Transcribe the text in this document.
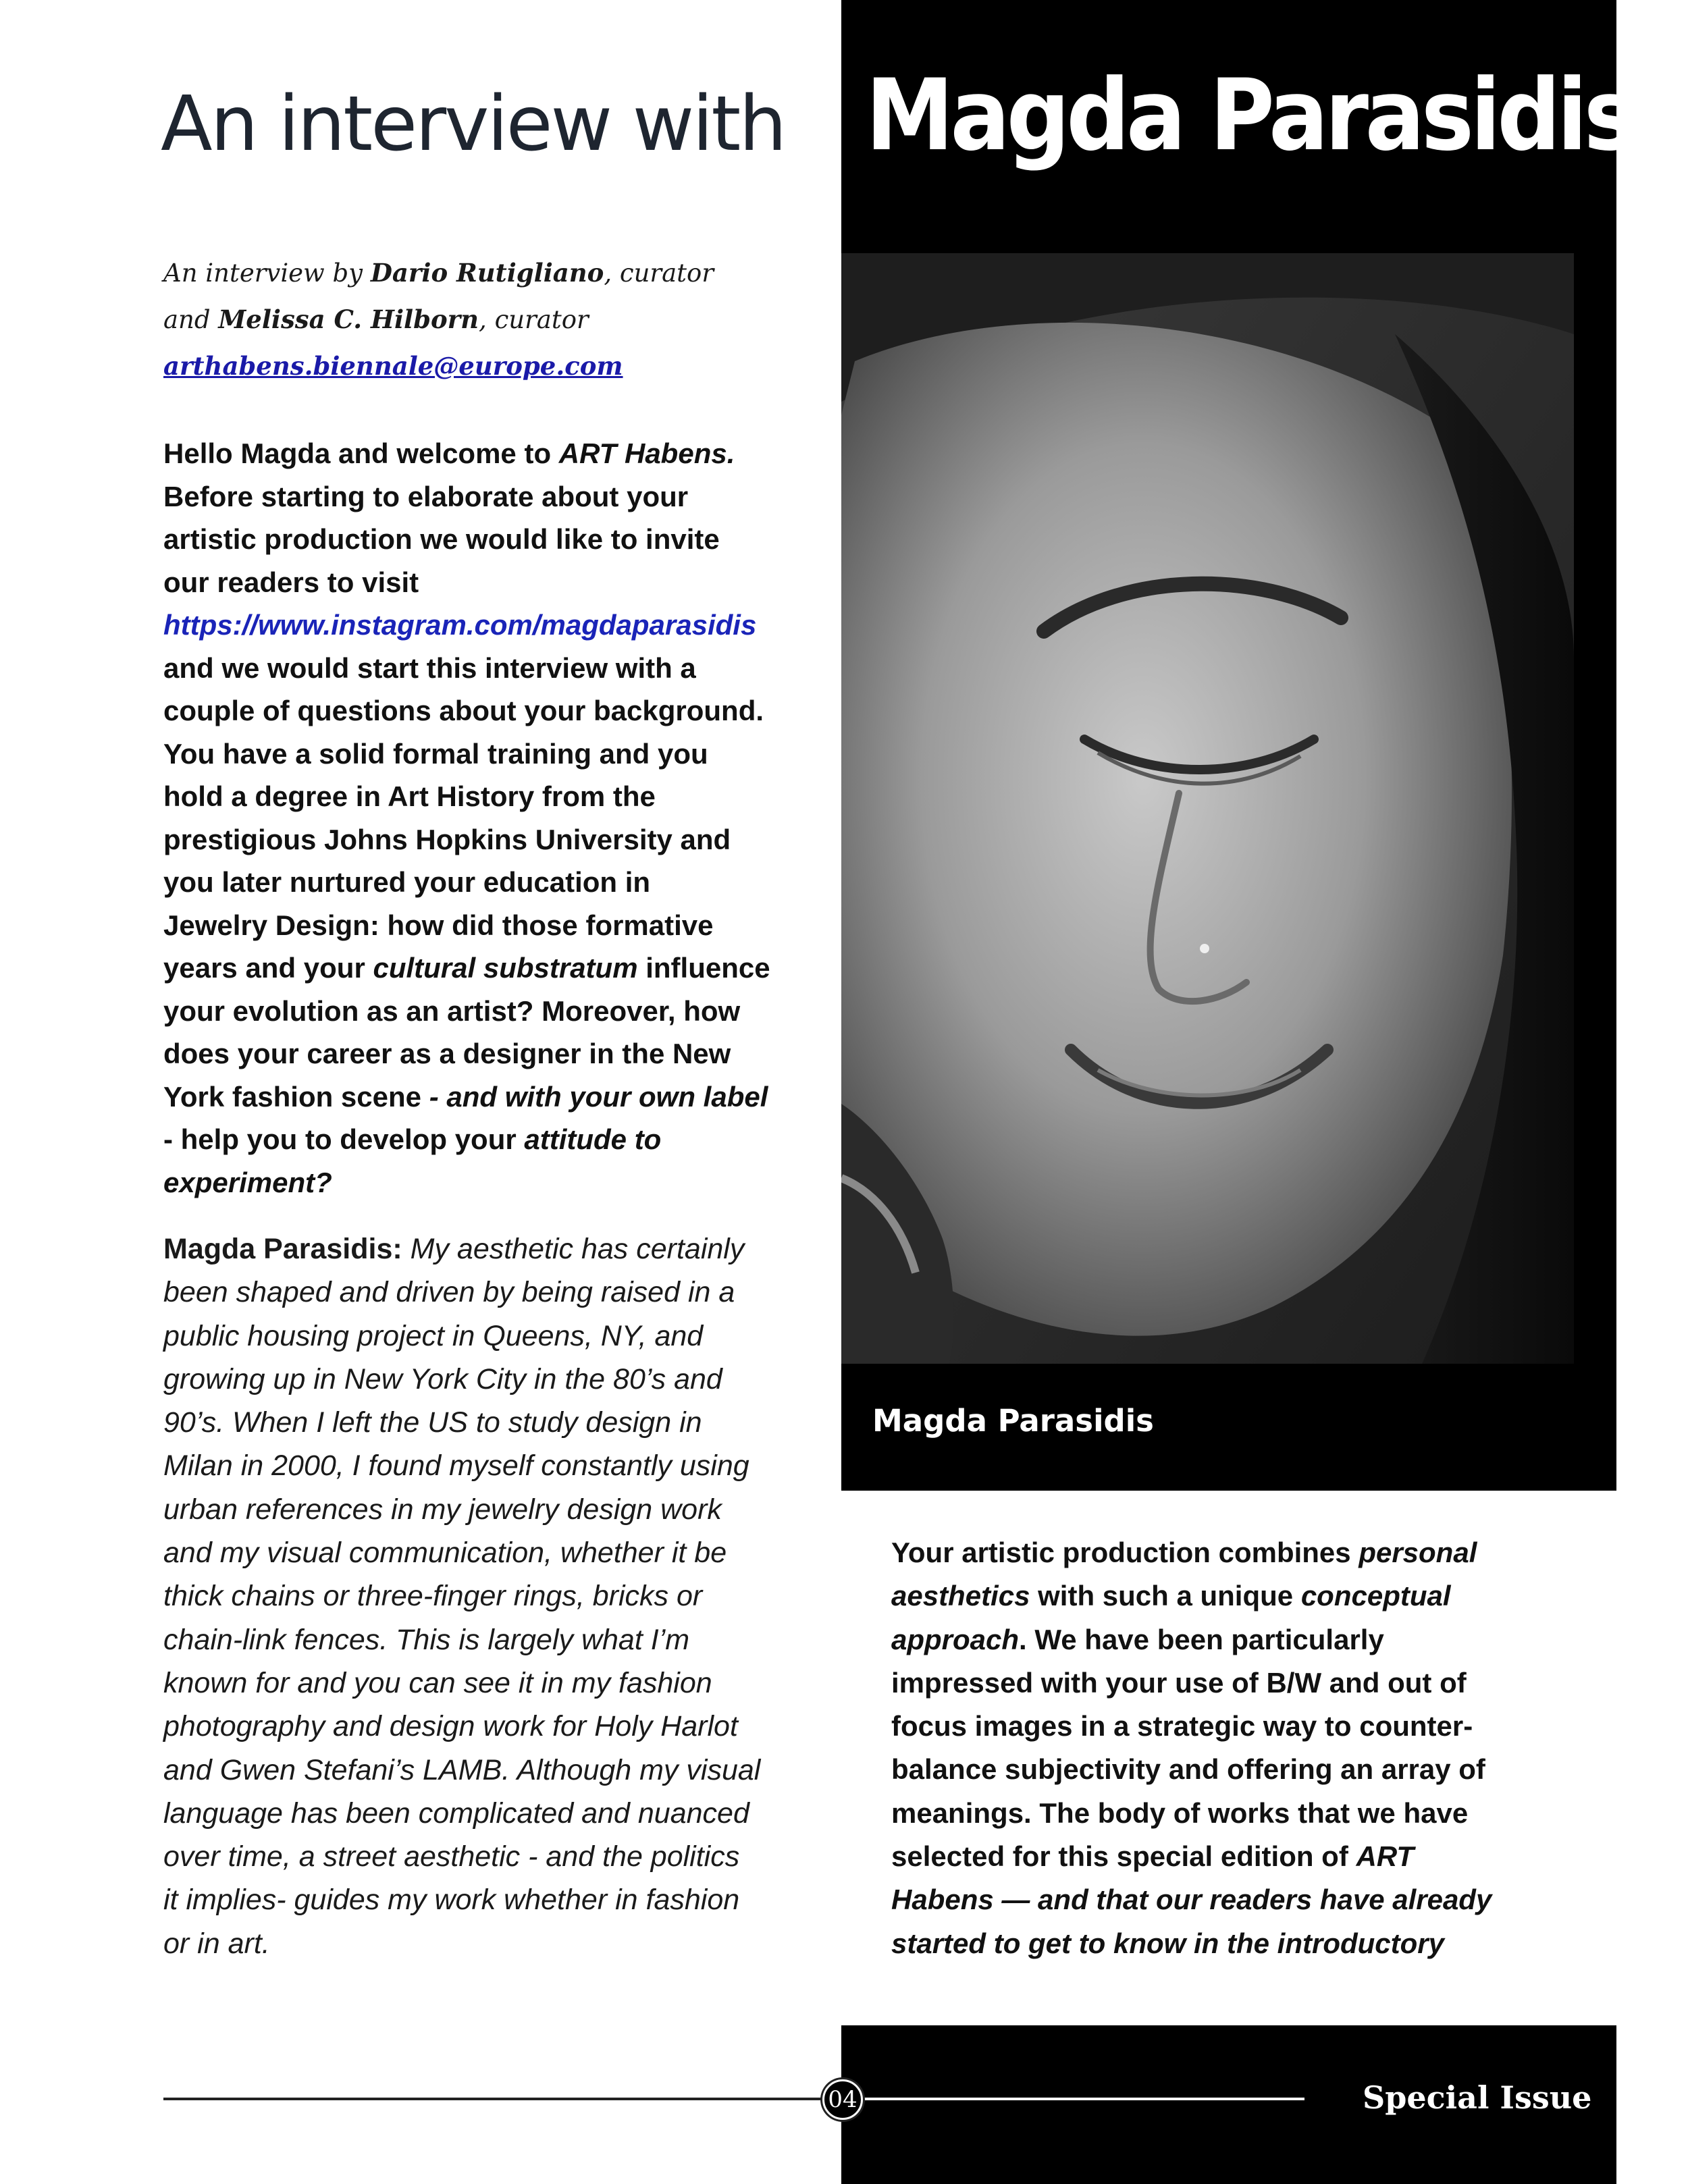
An interview with Magda Parasidis
An interview by Dario Rutigliano, curator
and Melissa C. Hilborn, curator
arthabens.biennale@europe.com
Hello Magda and welcome to ART Habens.
Before starting to elaborate about your
artistic production we would like to invite
our readers to visit
https://www.instagram.com/magdaparasidis
and we would start this interview with a
couple of questions about your background.
You have a solid formal training and you
hold a degree in Art History from the
prestigious Johns Hopkins University and
you later nurtured your education in
Jewelry Design: how did those formative
years and your cultural substratum influence
your evolution as an artist? Moreover, how
does your career as a designer in the New
York fashion scene - and with your own label
- help you to develop your attitude to
experiment?
Magda Parasidis: My aesthetic has certainly
been shaped and driven by being raised in a
public housing project in Queens, NY, and
growing up in New York City in the 80’s and
90’s. When I left the US to study design in
Milan in 2000, I found myself constantly using
urban references in my jewelry design work
and my visual communication, whether it be
thick chains or three-finger rings, bricks or
chain-link fences. This is largely what I’m
known for and you can see it in my fashion
photography and design work for Holy Harlot
and Gwen Stefani’s LAMB. Although my visual
language has been complicated and nuanced
over time, a street aesthetic - and the politics
it implies- guides my work whether in fashion
or in art.
Magda Parasidis
Your artistic production combines personal
aesthetics with such a unique conceptual
approach. We have been particularly
impressed with your use of B/W and out of
focus images in a strategic way to counter-
balance subjectivity and offering an array of
meanings. The body of works that we have
selected for this special edition of ART
Habens — and that our readers have already
started to get to know in the introductory
04	Special Issue
